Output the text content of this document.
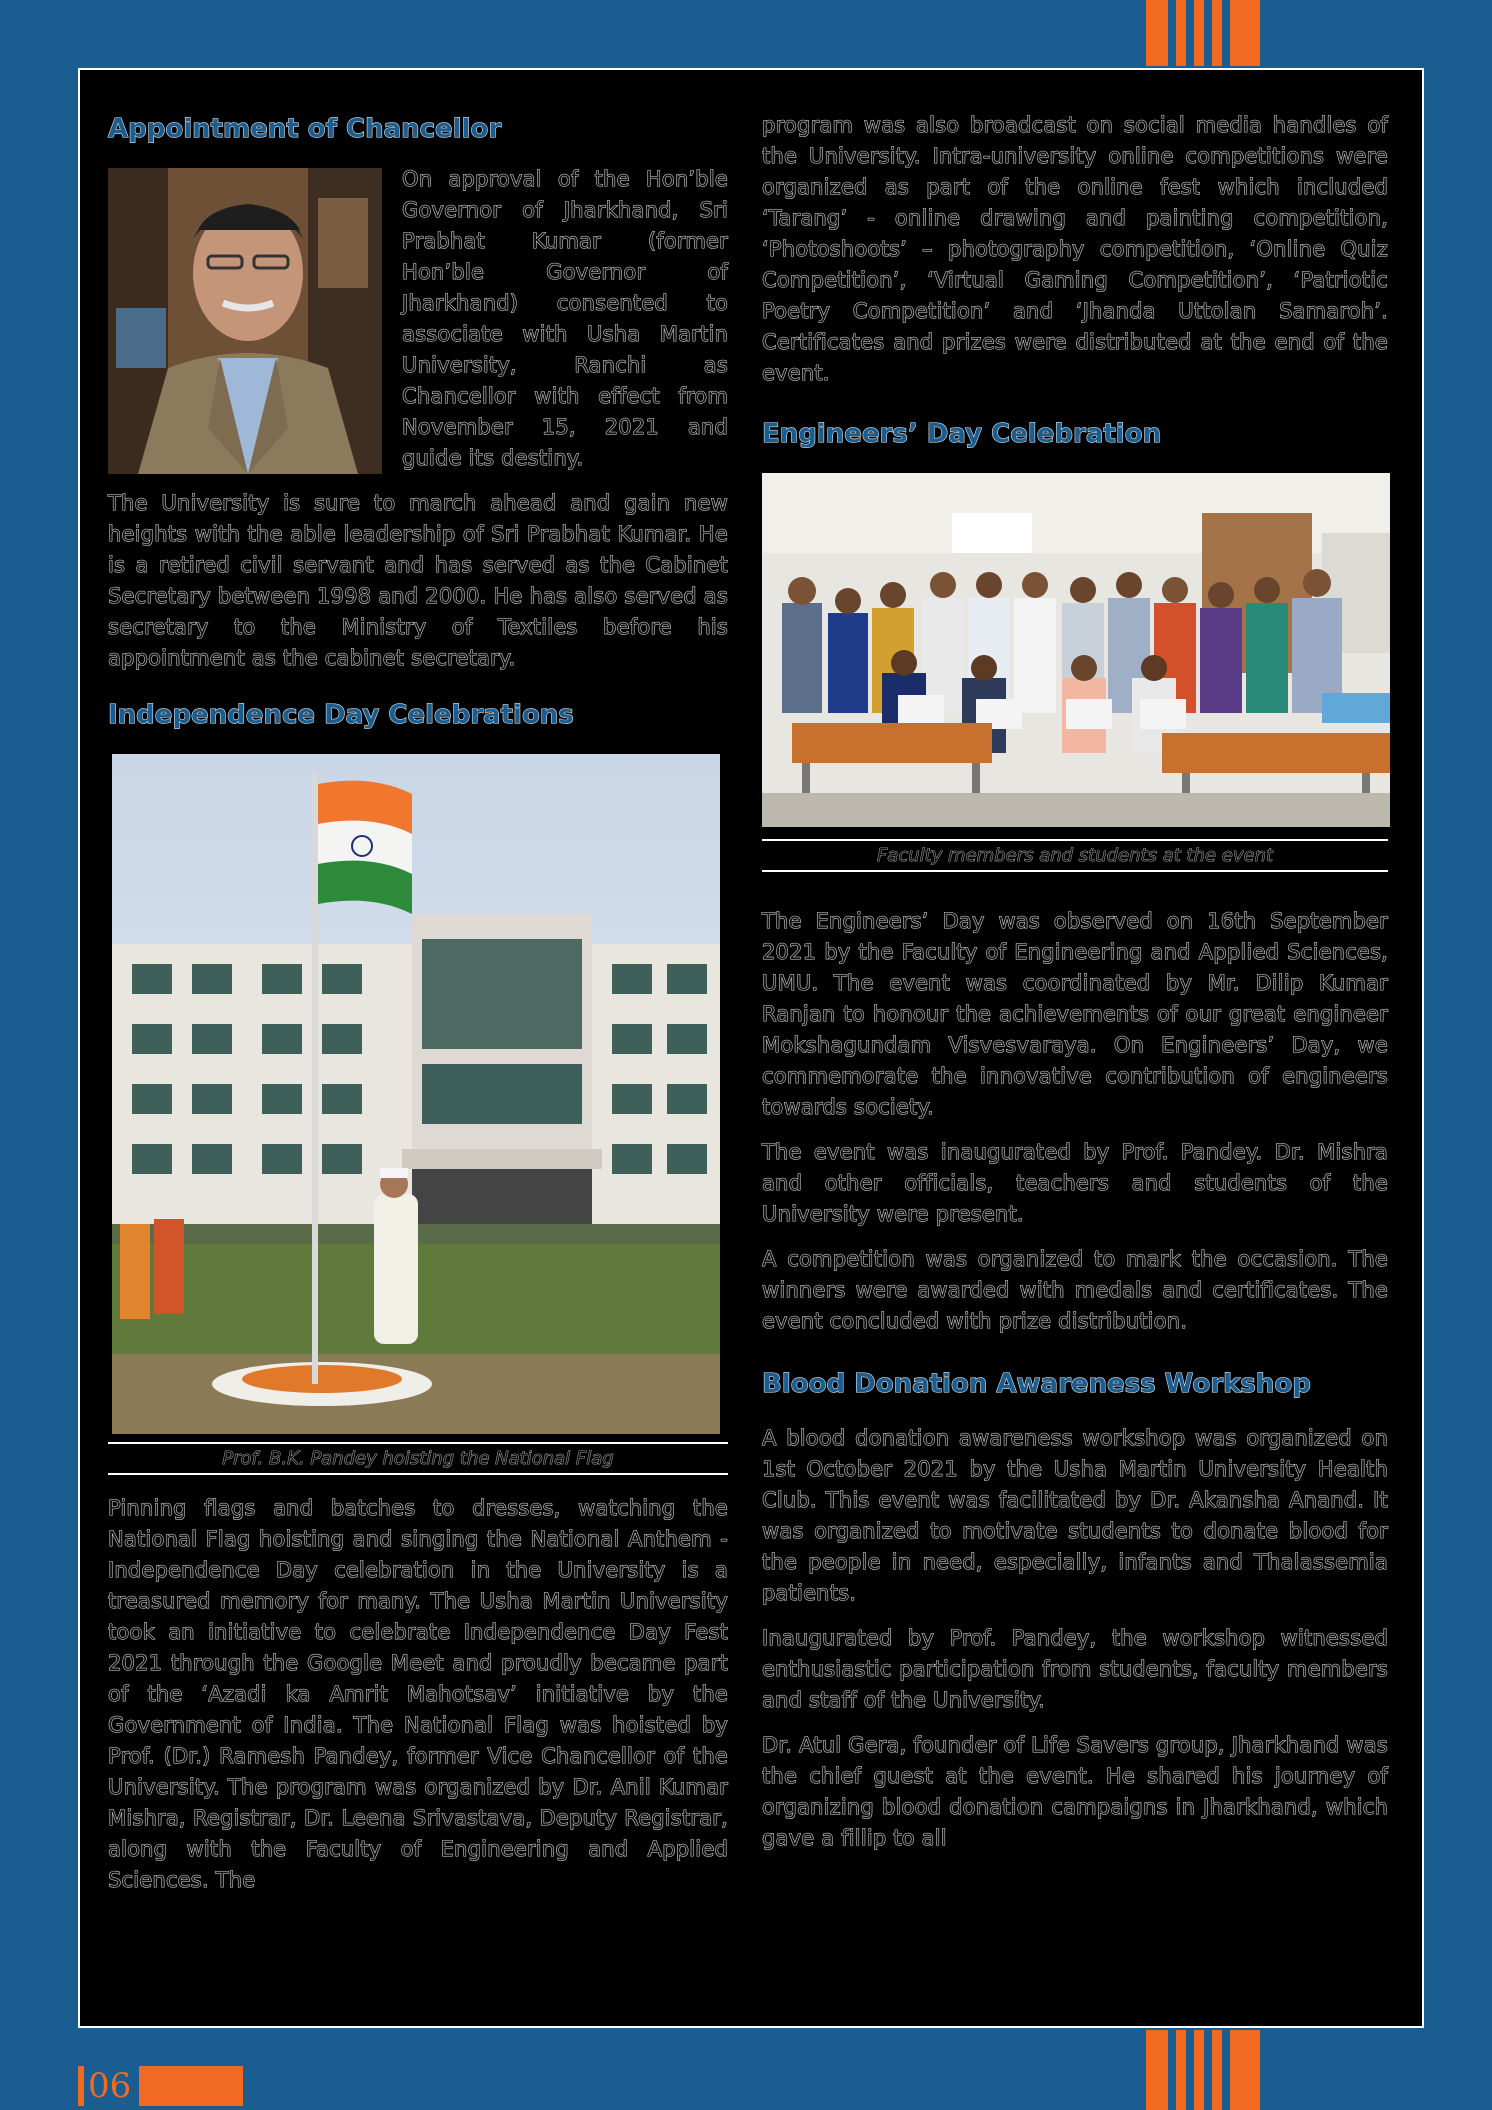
Appointment of Chancellor

On approval of the Hon’ble Governor of Jharkhand, Sri Prabhat Kumar (former Hon’ble Governor of Jharkhand) consented to associate with Usha Martin University, Ranchi as Chancellor with effect from November 15, 2021 and guide its destiny.

The University is sure to march ahead and gain new heights with the able leadership of Sri Prabhat Kumar. He is a retired civil servant and has served as the Cabinet Secretary between 1998 and 2000. He has also served as secretary to the Ministry of Textiles before his appointment as the cabinet secretary.

Independence Day Celebrations
Prof. B.K. Pandey hoisting the National Flag

Pinning flags and batches to dresses, watching the National Flag hoisting and singing the National Anthem - Independence Day celebration in the University is a treasured memory for many. The Usha Martin University took an initiative to celebrate Independence Day Fest 2021 through the Google Meet and proudly became part of the ‘Azadi ka Amrit Mahotsav’ initiative by the Government of India. The National Flag was hoisted by Prof. (Dr.) Ramesh Pandey, former Vice Chancellor of the University. The program was organized by Dr. Anil Kumar Mishra, Registrar, Dr. Leena Srivastava, Deputy Registrar, along with the Faculty of Engineering and Applied Sciences. The

program was also broadcast on social media handles of the University. Intra-university online competitions were organized as part of the online fest which included ‘Tarang’ - online drawing and painting competition, ‘Photoshoots’ – photography competition, ‘Online Quiz Competition’, ‘Virtual Gaming Competition’, ‘Patriotic Poetry Competition’ and ‘Jhanda Uttolan Samaroh’. Certificates and prizes were distributed at the end of the event.

Engineers’ Day Celebration
Faculty members and students at the event

The Engineers’ Day was observed on 16th September 2021 by the Faculty of Engineering and Applied Sciences, UMU. The event was coordinated by Mr. Dilip Kumar Ranjan to honour the achievements of our great engineer Mokshagundam Visvesvaraya. On Engineers’ Day, we commemorate the innovative contribution of engineers towards society.

The event was inaugurated by Prof. Pandey. Dr. Mishra and other officials, teachers and students of the University were present.

A competition was organized to mark the occasion. The winners were awarded with medals and certificates. The event concluded with prize distribution.

Blood Donation Awareness Workshop

A blood donation awareness workshop was organized on 1st October 2021 by the Usha Martin University Health Club. This event was facilitated by Dr. Akansha Anand. It was organized to motivate students to donate blood for the people in need, especially, infants and Thalassemia patients.

Inaugurated by Prof. Pandey, the workshop witnessed enthusiastic participation from students, faculty members and staff of the University.

Dr. Atul Gera, founder of Life Savers group, Jharkhand was the chief guest at the event. He shared his journey of organizing blood donation campaigns in Jharkhand, which gave a fillip to all

06
